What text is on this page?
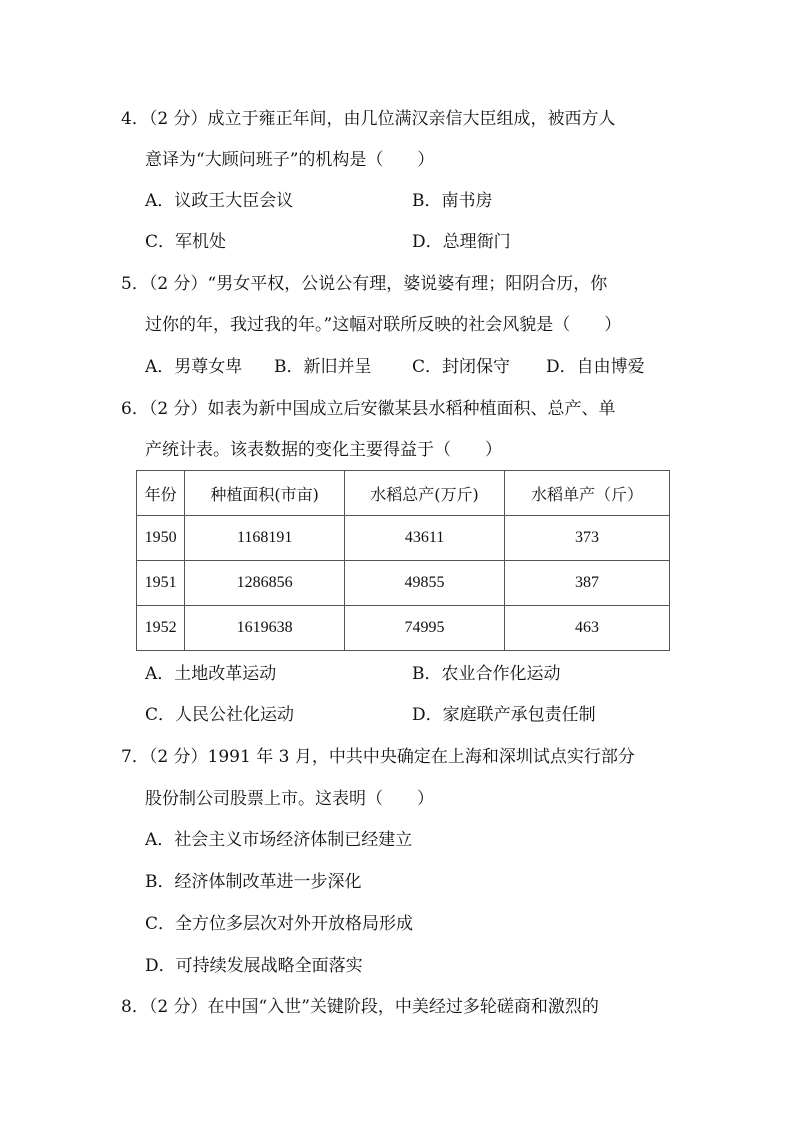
4．（2 分）成立于雍正年间，由几位满汉亲信大臣组成，被西方人
意译为“大顾问班子”的机构是（　　）
A．议政王大臣会议	B．南书房
C．军机处	D．总理衙门
5．（2 分）“男女平权，公说公有理，婆说婆有理；阳阴合历，你
过你的年，我过我的年。”这幅对联所反映的社会风貌是（　　）
A．男尊女卑 B．新旧并呈 C．封闭保守 D．自由博爱
6．（2 分）如表为新中国成立后安徽某县水稻种植面积、总产、单
产统计表。该表数据的变化主要得益于（　　）
年份	种植面积(市亩)	水稻总产(万斤)	水稻单产（斤）
1950	1168191	43611	373
1951	1286856	49855	387
1952	1619638	74995	463
A．土地改革运动	B．农业合作化运动
C．人民公社化运动	D．家庭联产承包责任制
7．（2 分）1991 年 3 月，中共中央确定在上海和深圳试点实行部分
股份制公司股票上市。这表明（　　）
A．社会主义市场经济体制已经建立
B．经济体制改革进一步深化
C．全方位多层次对外开放格局形成
D．可持续发展战略全面落实
8．（2 分）在中国“入世”关键阶段，中美经过多轮磋商和激烈的
